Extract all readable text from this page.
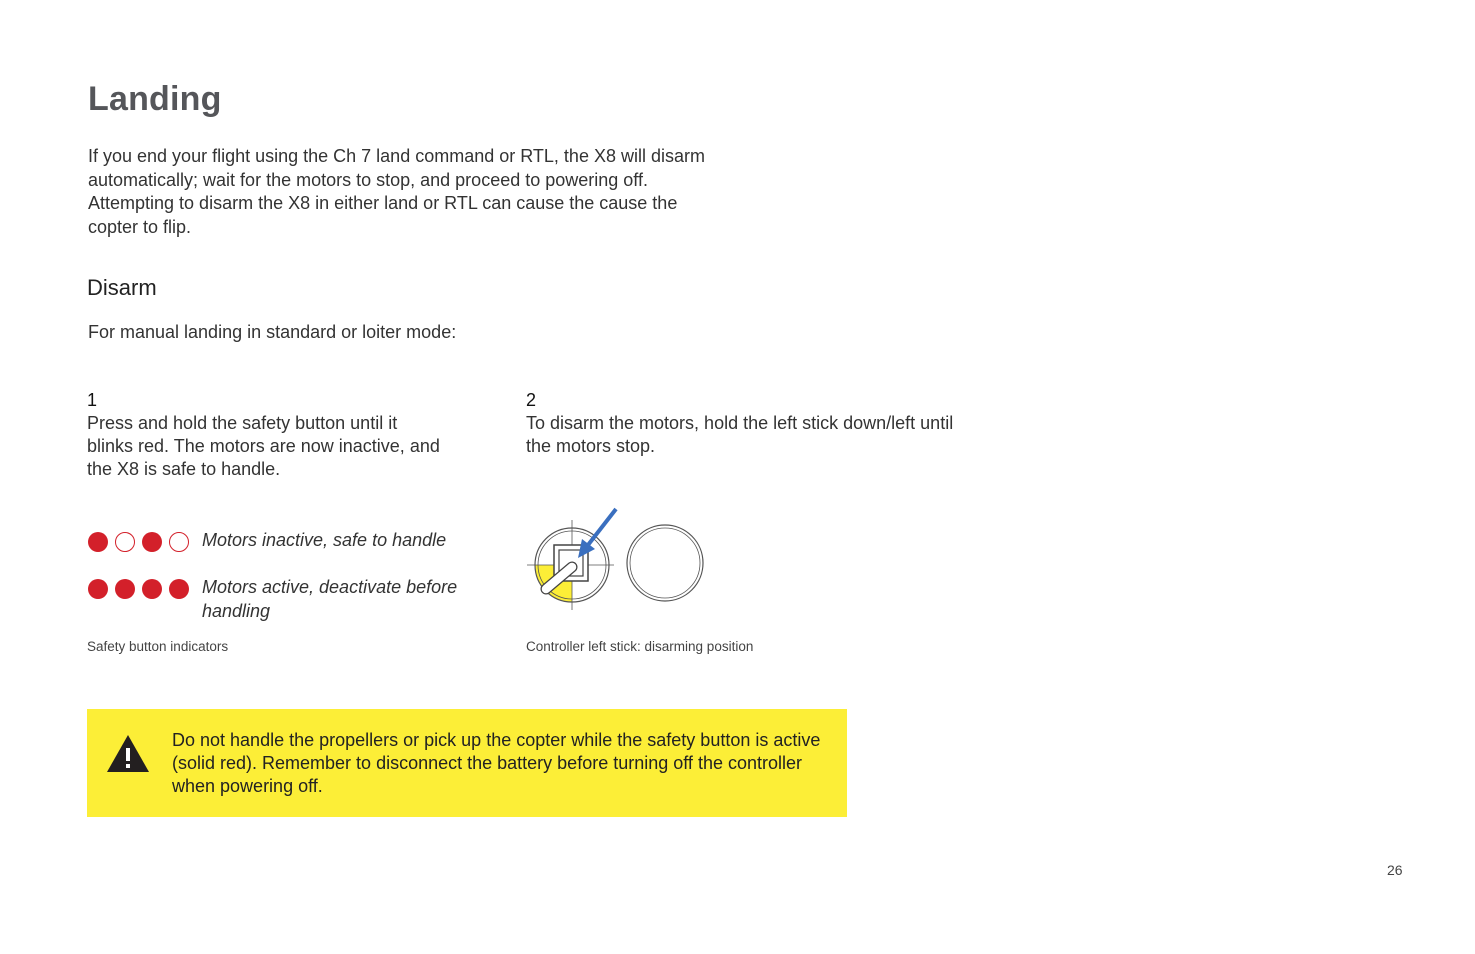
Landing
If you end your flight using the Ch 7 land command or RTL, the X8 will disarm automatically; wait for the motors to stop, and proceed to powering off. Attempting to disarm the X8 in either land or RTL can cause the cause the copter to flip.
Disarm
For manual landing in standard or loiter mode:
1
Press and hold the safety button until it blinks red. The motors are now inactive, and the X8 is safe to handle.
2
To disarm the motors, hold the left stick down/left until the motors stop.
Motors inactive, safe to handle
Motors active, deactivate before handling
Safety button indicators	Controller left stick: disarming position
Do not handle the propellers or pick up the copter while the safety button is active (solid red). Remember to disconnect the battery before turning off the controller when powering off.
26
